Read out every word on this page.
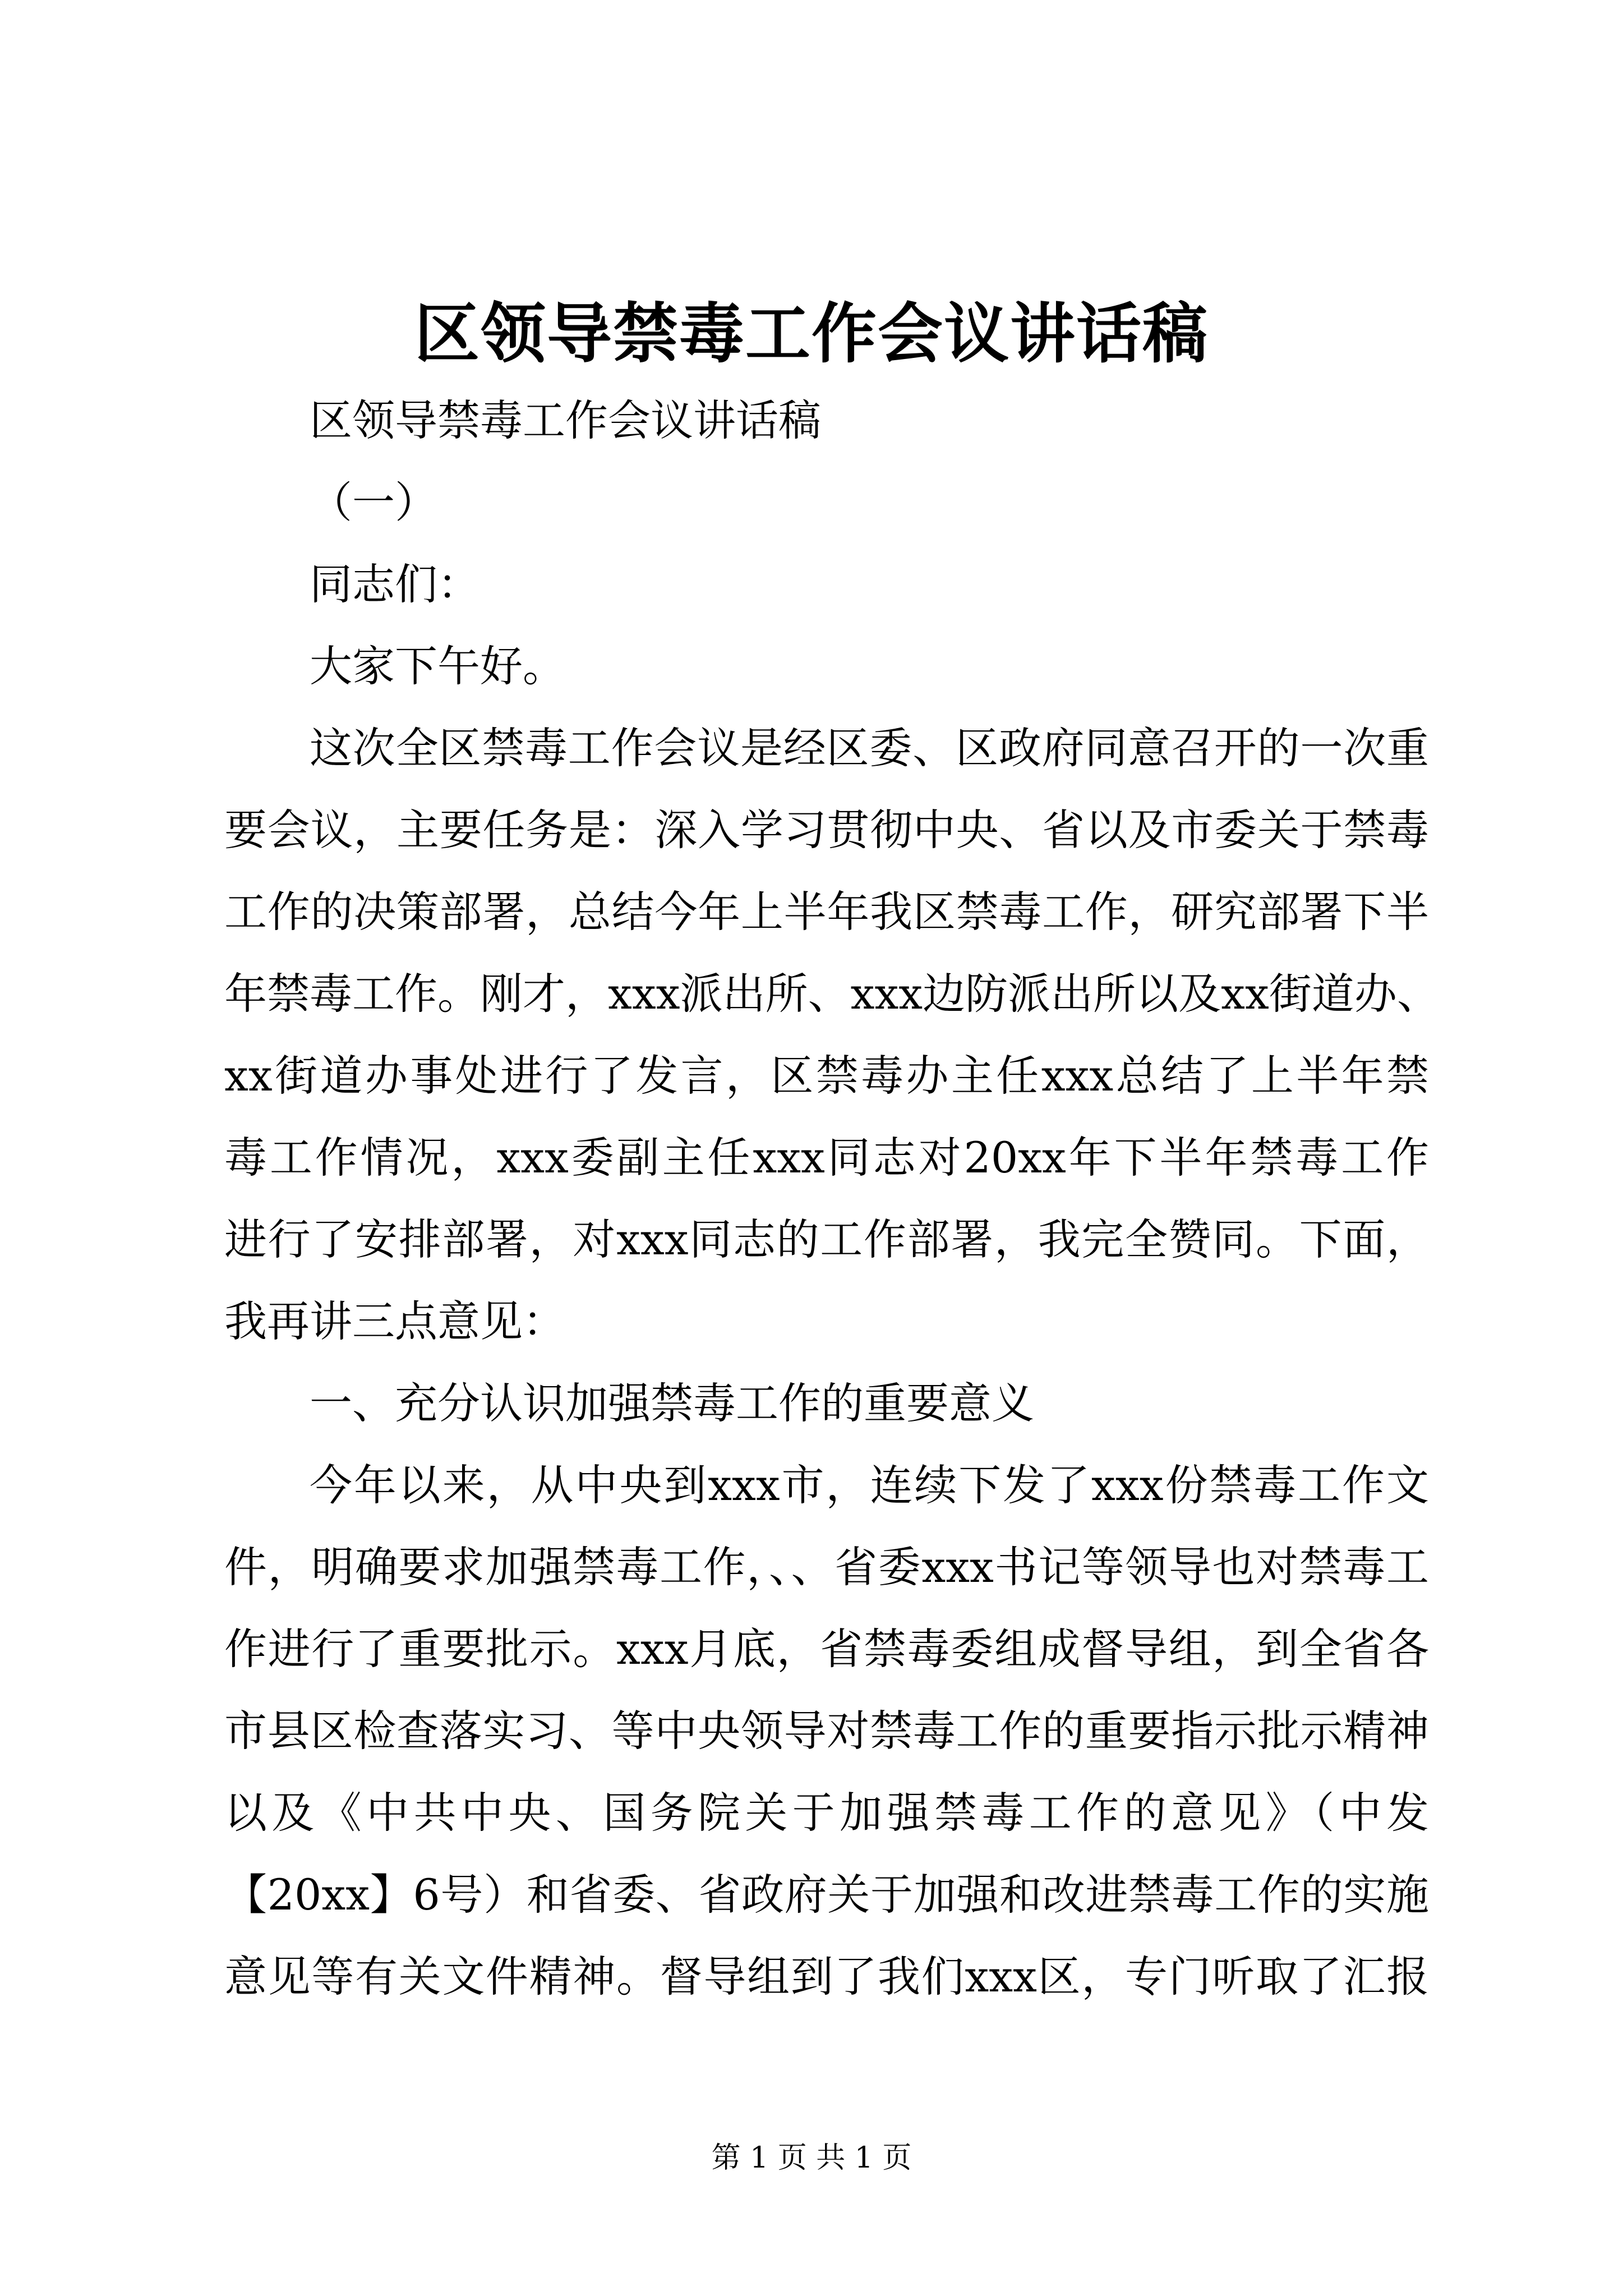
区领导禁毒工作会议讲话稿
区领导禁毒工作会议讲话稿
（一）
同志们：
大家下午好。
这次全区禁毒工作会议是经区委、区政府同意召开的一次重
要会议，主要任务是：深入学习贯彻中央、省以及市委关于禁毒
工作的决策部署，总结今年上半年我区禁毒工作，研究部署下半
年禁毒工作。刚才，xxx派出所、xxx边防派出所以及xx街道办、
xx街道办事处进行了发言，区禁毒办主任xxx总结了上半年禁
毒工作情况，xxx委副主任xxx同志对20xx年下半年禁毒工作
进行了安排部署，对xxx同志的工作部署，我完全赞同。下面，
我再讲三点意见：
一、充分认识加强禁毒工作的重要意义
今年以来，从中央到xxx市，连续下发了xxx份禁毒工作文
件，明确要求加强禁毒工作，、、省委xxx书记等领导也对禁毒工
作进行了重要批示。xxx月底，省禁毒委组成督导组，到全省各
市县区检查落实习、等中央领导对禁毒工作的重要指示批示精神
以及《中共中央、国务院关于加强禁毒工作的意见》（中发
【20xx】6号）和省委、省政府关于加强和改进禁毒工作的实施
意见等有关文件精神。督导组到了我们xxx区，专门听取了汇报
第 1 页 共 1 页
